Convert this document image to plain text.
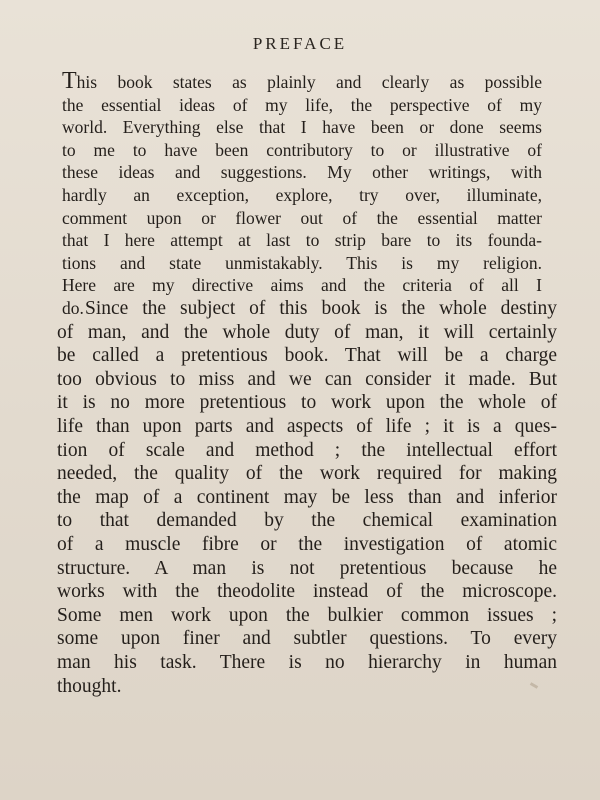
PREFACE
This book states as plainly and clearly as possible
the essential ideas of my life, the perspective of my
world. Everything else that I have been or done seems
to me to have been contributory to or illustrative of
these ideas and suggestions. My other writings, with
hardly an exception, explore, try over, illuminate,
comment upon or flower out of the essential matter
that I here attempt at last to strip bare to its founda-
tions and state unmistakably. This is my religion.
Here are my directive aims and the criteria of all I
do. Since the subject of this book is the whole destiny
of man, and the whole duty of man, it will certainly
be called a pretentious book. That will be a charge
too obvious to miss and we can consider it made. But
it is no more pretentious to work upon the whole of
life than upon parts and aspects of life ; it is a ques-
tion of scale and method ; the intellectual effort
needed, the quality of the work required for making
the map of a continent may be less than and inferior
to that demanded by the chemical examination
of a muscle fibre or the investigation of atomic
structure. A man is not pretentious because he
works with the theodolite instead of the microscope.
Some men work upon the bulkier common issues ;
some upon finer and subtler questions. To every
man his task. There is no hierarchy in human
thought.
